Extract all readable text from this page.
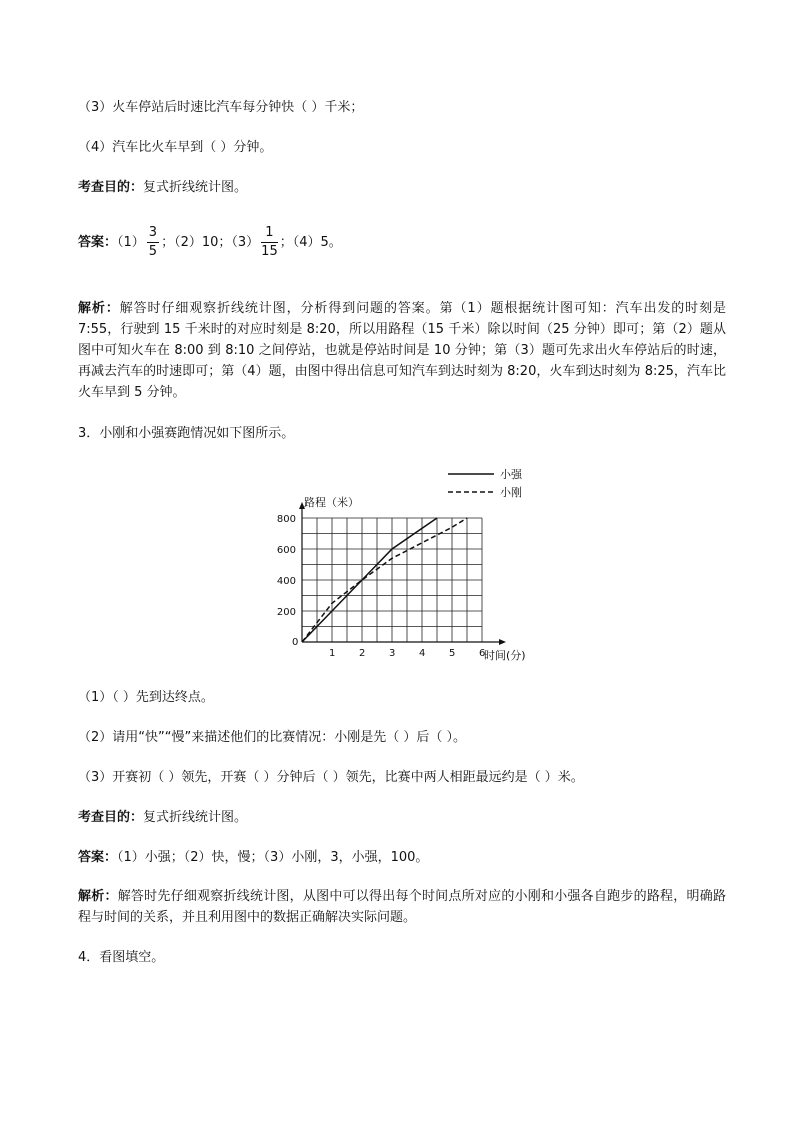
（3）火车停站后时速比汽车每分钟快（ ）千米；
（4）汽车比火车早到（ ）分钟。
考查目的：复式折线统计图。
答案：$(1) \frac{3}{5}$ ；（2）10；$(3) \frac{1}{15}$ ；（4）5。
解析：解答时仔细观察折线统计图，分析得到问题的答案。第（1）题根据统计图可知：汽车出发的时刻是 7:55，行驶到 15 千米时的对应时刻是 8:20，所以用路程（15 千米）除以时间（25 分钟）即可；第（2）题从图中可知火车在 8:00 到 8:10 之间停站，也就是停站时间是 10 分钟；第（3）题可先求出火车停站后的时速，再减去汽车的时速即可；第（4）题，由图中得出信息可知汽车到达时刻为 8:20，火车到达时刻为 8:25，汽车比火车早到 5 分钟。
3．小刚和小强赛跑情况如下图所示。
1 2 3 4 5 6
0
200
400
600
800
小强
小刚
路程（米）
时间(分)
（1）（ ）先到达终点。
（2）请用“快”“慢”来描述他们的比赛情况：小刚是先（ ）后（ ）。
（3）开赛初（ ）领先，开赛（ ）分钟后（ ）领先，比赛中两人相距最远约是（ ）米。
考查目的：复式折线统计图。
答案：（1）小强；（2）快，慢；（3）小刚，3，小强，100。
解析：解答时先仔细观察折线统计图，从图中可以得出每个时间点所对应的小刚和小强各自跑步的路程，明确路程与时间的关系，并且利用图中的数据正确解决实际问题。
4．看图填空。
